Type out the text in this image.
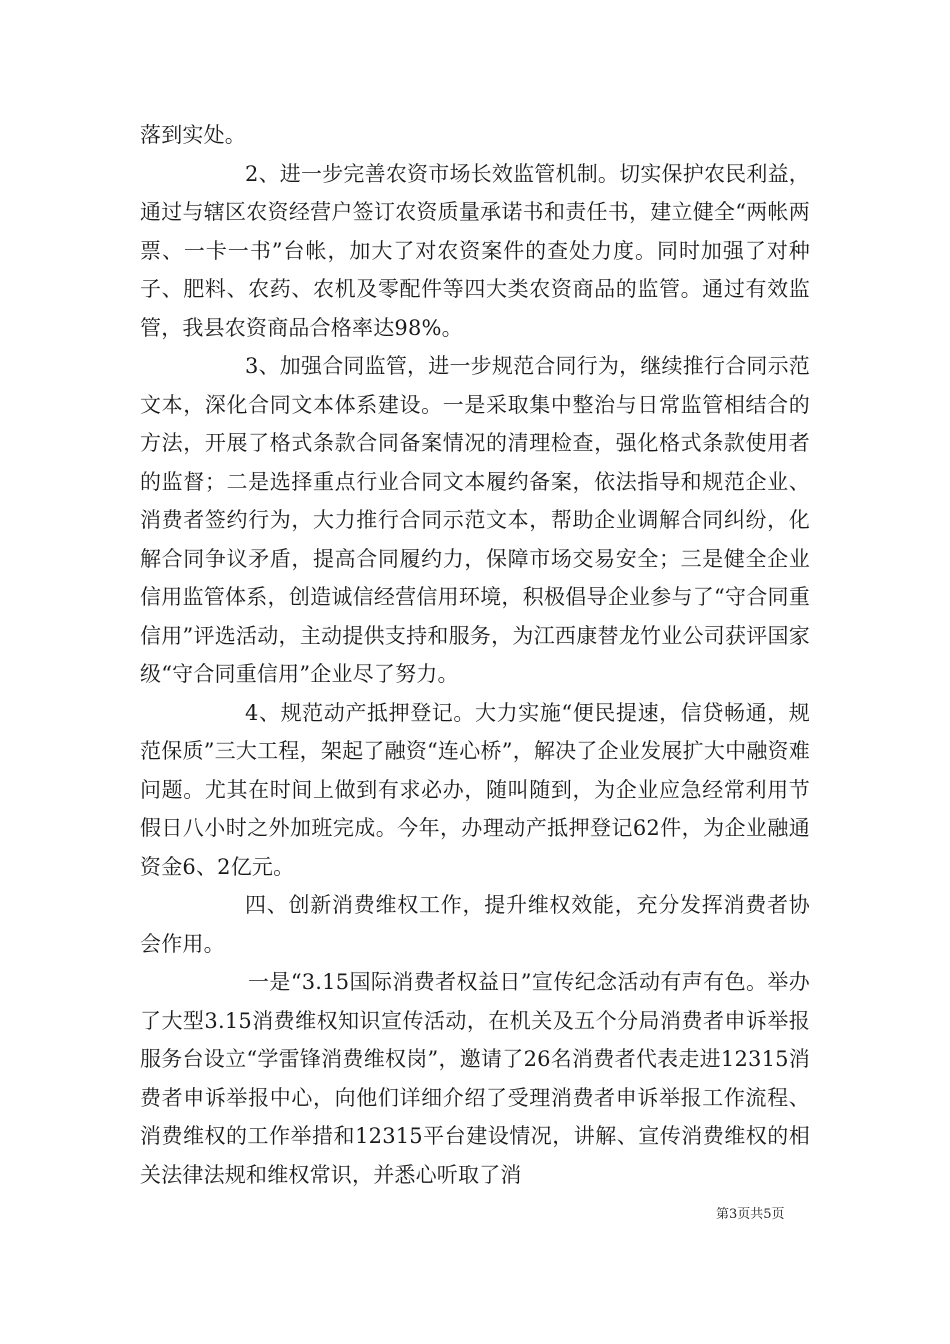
落到实处。

2、进一步完善农资市场长效监管机制。切实保护农民利益，通过与辖区农资经营户签订农资质量承诺书和责任书，建立健全“两帐两票、一卡一书”台帐，加大了对农资案件的查处力度。同时加强了对种子、肥料、农药、农机及零配件等四大类农资商品的监管。通过有效监管，我县农资商品合格率达98%。

3、加强合同监管，进一步规范合同行为，继续推行合同示范文本，深化合同文本体系建设。一是采取集中整治与日常监管相结合的方法，开展了格式条款合同备案情况的清理检查，强化格式条款使用者的监督；二是选择重点行业合同文本履约备案，依法指导和规范企业、消费者签约行为，大力推行合同示范文本，帮助企业调解合同纠纷，化解合同争议矛盾，提高合同履约力，保障市场交易安全；三是健全企业信用监管体系，创造诚信经营信用环境，积极倡导企业参与了“守合同重信用”评选活动，主动提供支持和服务，为江西康替龙竹业公司获评国家级“守合同重信用”企业尽了努力。

4、规范动产抵押登记。大力实施“便民提速，信贷畅通，规范保质”三大工程，架起了融资“连心桥”，解决了企业发展扩大中融资难问题。尤其在时间上做到有求必办，随叫随到，为企业应急经常利用节假日八小时之外加班完成。今年，办理动产抵押登记62件，为企业融通资金6、2亿元。

四、创新消费维权工作，提升维权效能，充分发挥消费者协会作用。

一是“3.15国际消费者权益日”宣传纪念活动有声有色。举办了大型3.15消费维权知识宣传活动，在机关及五个分局消费者申诉举报服务台设立“学雷锋消费维权岗”，邀请了26名消费者代表走进12315消费者申诉举报中心，向他们详细介绍了受理消费者申诉举报工作流程、消费维权的工作举措和12315平台建设情况，讲解、宣传消费维权的相关法律法规和维权常识，并悉心听取了消

第3页共5页
